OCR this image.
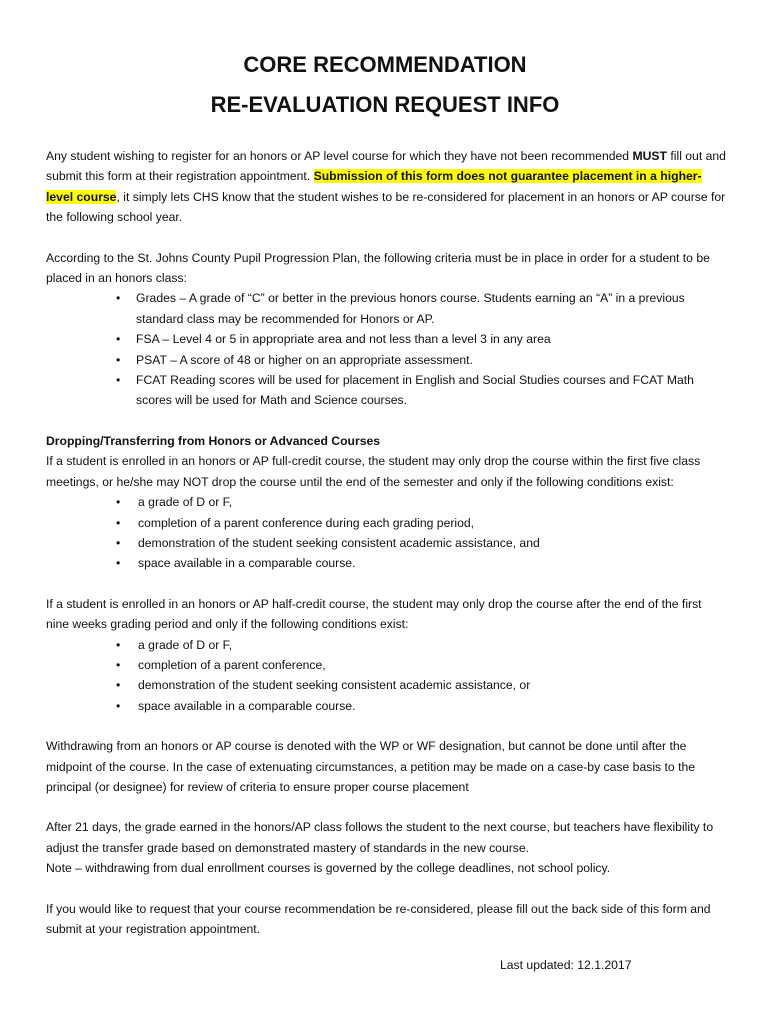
CORE RECOMMENDATION
RE-EVALUATION REQUEST INFO

Any student wishing to register for an honors or AP level course for which they have not been recommended MUST fill out and submit this form at their registration appointment. Submission of this form does not guarantee placement in a higher-level course, it simply lets CHS know that the student wishes to be re-considered for placement in an honors or AP course for the following school year.

According to the St. Johns County Pupil Progression Plan, the following criteria must be in place in order for a student to be placed in an honors class:

• Grades – A grade of “C” or better in the previous honors course. Students earning an “A” in a previous standard class may be recommended for Honors or AP.
• FSA – Level 4 or 5 in appropriate area and not less than a level 3 in any area
• PSAT – A score of 48 or higher on an appropriate assessment.
• FCAT Reading scores will be used for placement in English and Social Studies courses and FCAT Math scores will be used for Math and Science courses.

Dropping/Transferring from Honors or Advanced Courses

If a student is enrolled in an honors or AP full-credit course, the student may only drop the course within the first five class meetings, or he/she may NOT drop the course until the end of the semester and only if the following conditions exist:

• a grade of D or F,
• completion of a parent conference during each grading period,
• demonstration of the student seeking consistent academic assistance, and
• space available in a comparable course.

If a student is enrolled in an honors or AP half-credit course, the student may only drop the course after the end of the first nine weeks grading period and only if the following conditions exist:

• a grade of D or F,
• completion of a parent conference,
• demonstration of the student seeking consistent academic assistance, or
• space available in a comparable course.

Withdrawing from an honors or AP course is denoted with the WP or WF designation, but cannot be done until after the midpoint of the course. In the case of extenuating circumstances, a petition may be made on a case-by case basis to the principal (or designee) for review of criteria to ensure proper course placement

After 21 days, the grade earned in the honors/AP class follows the student to the next course, but teachers have flexibility to adjust the transfer grade based on demonstrated mastery of standards in the new course.

Note – withdrawing from dual enrollment courses is governed by the college deadlines, not school policy.

If you would like to request that your course recommendation be re-considered, please fill out the back side of this form and submit at your registration appointment.

Last updated: 12.1.2017
